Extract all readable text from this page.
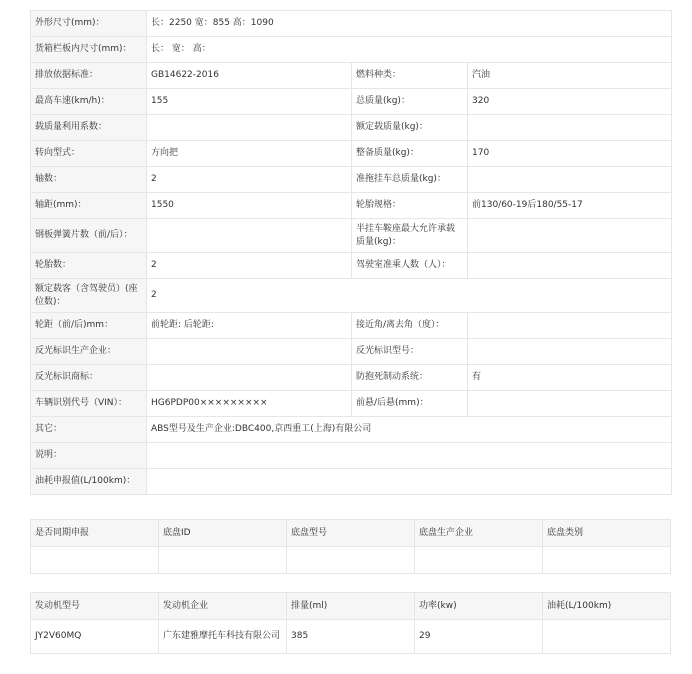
外形尺寸(mm)：	长：2250 宽：855 高：1090		
货箱栏板内尺寸(mm)：	长： 宽： 高：		
排放依据标准：	GB14622-2016	燃料种类：	汽油
最高车速(km/h)：	155	总质量(kg)：	320
载质量利用系数：		额定载质量(kg)：	
转向型式：	方向把	整备质量(kg)：	170
轴数：	2	准拖挂车总质量(kg)：	
轴距(mm)：	1550	轮胎规格：	前130/60-19后180/55-17
钢板弹簧片数（前/后）：		半挂车鞍座最大允许承载质量(kg)：	
轮胎数：	2	驾驶室准乘人数（人）：	
额定载客（含驾驶员）(座位数)：	2		
轮距（前/后)mm：	前轮距: 后轮距:	接近角/离去角（度）：	
反光标识生产企业：		反光标识型号：	
反光标识商标：		防抱死制动系统：	有
车辆识别代号（VIN）：	HG6PDP00×××××××××	前悬/后悬(mm)：	
其它：	ABS型号及生产企业:DBC400,京西重工(上海)有限公司		
说明：			
油耗申报值(L/100km)：			
是否同期申报	底盘ID	底盘型号	底盘生产企业	底盘类别

发动机型号	发动机企业	排量(ml)	功率(kw)	油耗(L/100km)
JY2V60MQ	广东建雅摩托车科技有限公司	385	29	
